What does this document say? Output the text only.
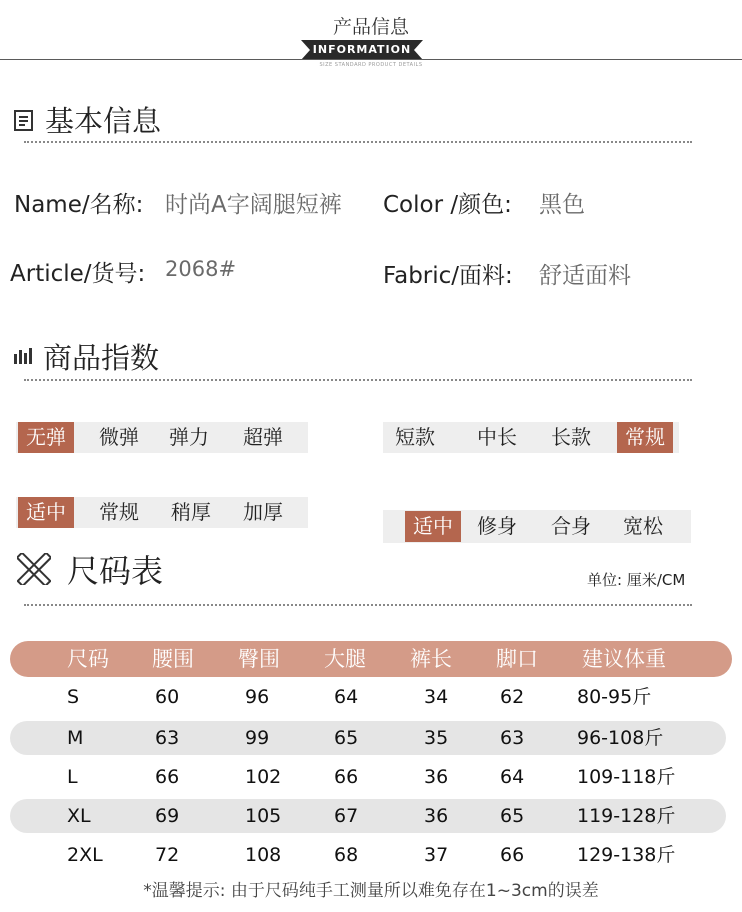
产品信息
INFORMATION
SIZE STANDARD PRODUCT DETAILS
基本信息
Name/名称: 时尚A字阔腿短裤 Color /颜色: 黑色
Article/货号: 2068#	Fabric/面料: 舒适面料
商品指数
无弹	微弹	弹力	超弹	短款	中长	长款	常规
适中	常规	稍厚	加厚
适中	修身	合身	宽松
尺码表	单位: 厘米/CM
尺码 腰围 臀围 大腿 裤长 脚口 建议体重
S	60	96	64	34	62	80-95斤
M	63	99	65	35	63	96-108斤
L	66	102	66	36	64	109-118斤
XL	69	105	67	36	65	119-128斤
2XL	72	108	68	37	66	129-138斤
*温馨提示: 由于尺码纯手工测量所以难免存在1~3cm的误差
